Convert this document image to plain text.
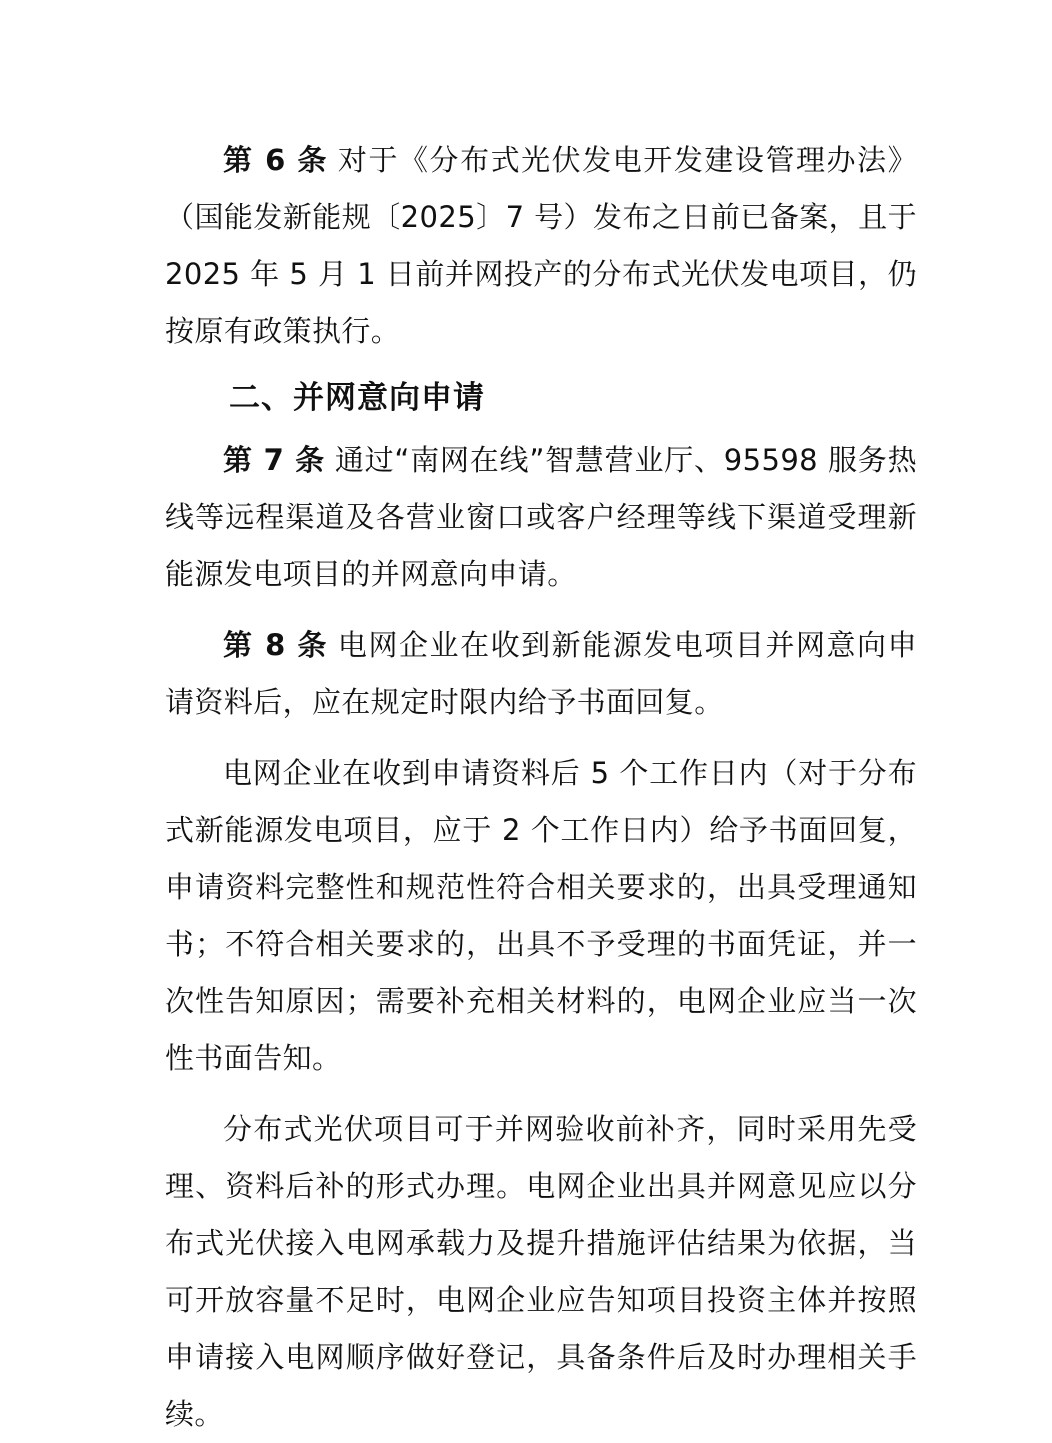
第 6 条 对于《分布式光伏发电开发建设管理办法》（国能发新能规〔2025〕7 号）发布之日前已备案，且于 2025 年 5 月 1 日前并网投产的分布式光伏发电项目，仍按原有政策执行。

二、并网意向申请

第 7 条 通过“南网在线”智慧营业厅、95598 服务热线等远程渠道及各营业窗口或客户经理等线下渠道受理新能源发电项目的并网意向申请。

第 8 条 电网企业在收到新能源发电项目并网意向申请资料后，应在规定时限内给予书面回复。

电网企业在收到申请资料后 5 个工作日内（对于分布式新能源发电项目，应于 2 个工作日内）给予书面回复，申请资料完整性和规范性符合相关要求的，出具受理通知书；不符合相关要求的，出具不予受理的书面凭证，并一次性告知原因；需要补充相关材料的，电网企业应当一次性书面告知。

分布式光伏项目可于并网验收前补齐，同时采用先受理、资料后补的形式办理。电网企业出具并网意见应以分布式光伏接入电网承载力及提升措施评估结果为依据，当可开放容量不足时，电网企业应告知项目投资主体并按照申请接入电网顺序做好登记，具备条件后及时办理相关手续。
